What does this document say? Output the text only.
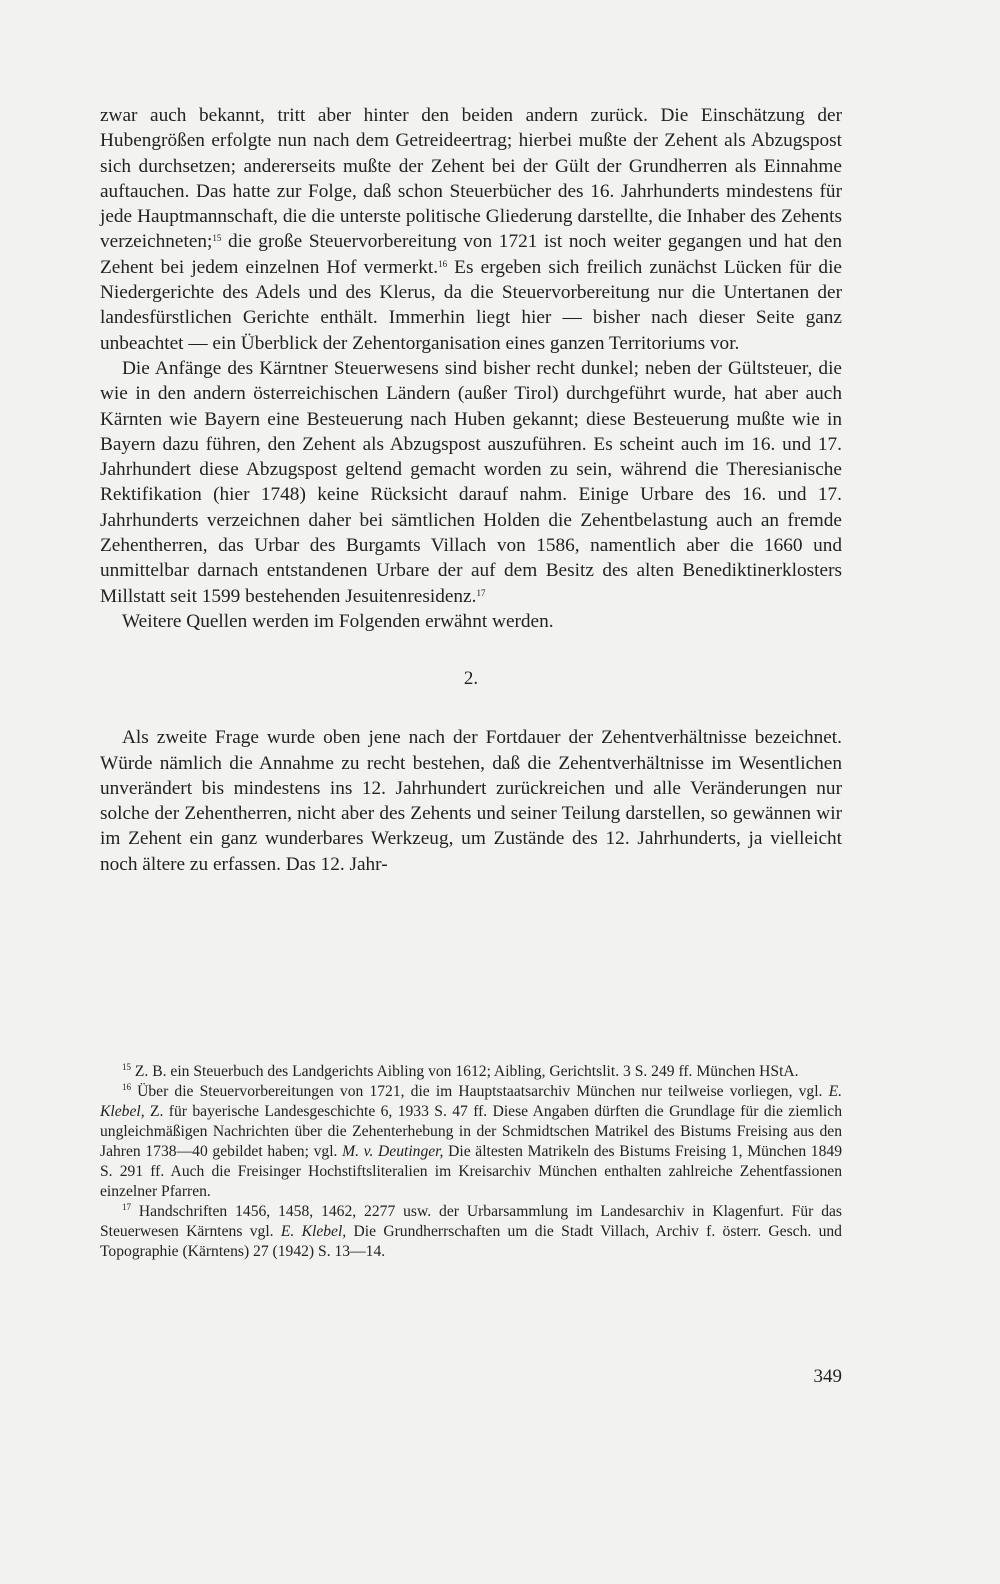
zwar auch bekannt, tritt aber hinter den beiden andern zurück. Die Einschätzung der Hubengrößen erfolgte nun nach dem Getreideertrag; hierbei mußte der Zehent als Abzugspost sich durchsetzen; andererseits mußte der Zehent bei der Gült der Grundherren als Einnahme auftauchen. Das hatte zur Folge, daß schon Steuerbücher des 16. Jahrhunderts mindestens für jede Hauptmannschaft, die die unterste politische Gliederung darstellte, die Inhaber des Zehents verzeichneten;$^{15}$ die große Steuervorbereitung von 1721 ist noch weiter gegangen und hat den Zehent bei jedem einzelnen Hof vermerkt.$^{16}$ Es ergeben sich freilich zunächst Lücken für die Niedergerichte des Adels und des Klerus, da die Steuervorbereitung nur die Untertanen der landesfürstlichen Gerichte enthält. Immerhin liegt hier — bisher nach dieser Seite ganz unbeachtet — ein Überblick der Zehentorganisation eines ganzen Territoriums vor.

Die Anfänge des Kärntner Steuerwesens sind bisher recht dunkel; neben der Gültsteuer, die wie in den andern österreichischen Ländern (außer Tirol) durchgeführt wurde, hat aber auch Kärnten wie Bayern eine Besteuerung nach Huben gekannt; diese Besteuerung mußte wie in Bayern dazu führen, den Zehent als Abzugspost auszuführen. Es scheint auch im 16. und 17. Jahrhundert diese Abzugspost geltend gemacht worden zu sein, während die Theresianische Rektifikation (hier 1748) keine Rücksicht darauf nahm. Einige Urbare des 16. und 17. Jahrhunderts verzeichnen daher bei sämtlichen Holden die Zehentbelastung auch an fremde Zehentherren, das Urbar des Burgamts Villach von 1586, namentlich aber die 1660 und unmittelbar darnach entstandenen Urbare der auf dem Besitz des alten Benediktinerklosters Millstatt seit 1599 bestehenden Jesuitenresidenz.$^{17}$

Weitere Quellen werden im Folgenden erwähnt werden.

2.

Als zweite Frage wurde oben jene nach der Fortdauer der Zehentverhältnisse bezeichnet. Würde nämlich die Annahme zu recht bestehen, daß die Zehentverhältnisse im Wesentlichen unverändert bis mindestens ins 12. Jahrhundert zurückreichen und alle Veränderungen nur solche der Zehentherren, nicht aber des Zehents und seiner Teilung darstellen, so gewännen wir im Zehent ein ganz wunderbares Werkzeug, um Zustände des 12. Jahrhunderts, ja vielleicht noch ältere zu erfassen. Das 12. Jahr-

$^{15}$ Z. B. ein Steuerbuch des Landgerichts Aibling von 1612; Aibling, Gerichtslit. 3 S. 249 ff. München HStA.

$^{16}$ Über die Steuervorbereitungen von 1721, die im Hauptstaatsarchiv München nur teilweise vorliegen, vgl. E. Klebel, Z. für bayerische Landesgeschichte 6, 1933 S. 47 ff. Diese Angaben dürften die Grundlage für die ziemlich ungleichmäßigen Nachrichten über die Zehenterhebung in der Schmidtschen Matrikel des Bistums Freising aus den Jahren 1738—40 gebildet haben; vgl. M. v. Deutinger, Die ältesten Matrikeln des Bistums Freising 1, München 1849 S. 291 ff. Auch die Freisinger Hochstiftsliteralien im Kreisarchiv München enthalten zahlreiche Zehentfassionen einzelner Pfarren.

$^{17}$ Handschriften 1456, 1458, 1462, 2277 usw. der Urbarsammlung im Landesarchiv in Klagenfurt. Für das Steuerwesen Kärntens vgl. E. Klebel, Die Grundherrschaften um die Stadt Villach, Archiv f. österr. Gesch. und Topographie (Kärntens) 27 (1942) S. 13—14.

349
